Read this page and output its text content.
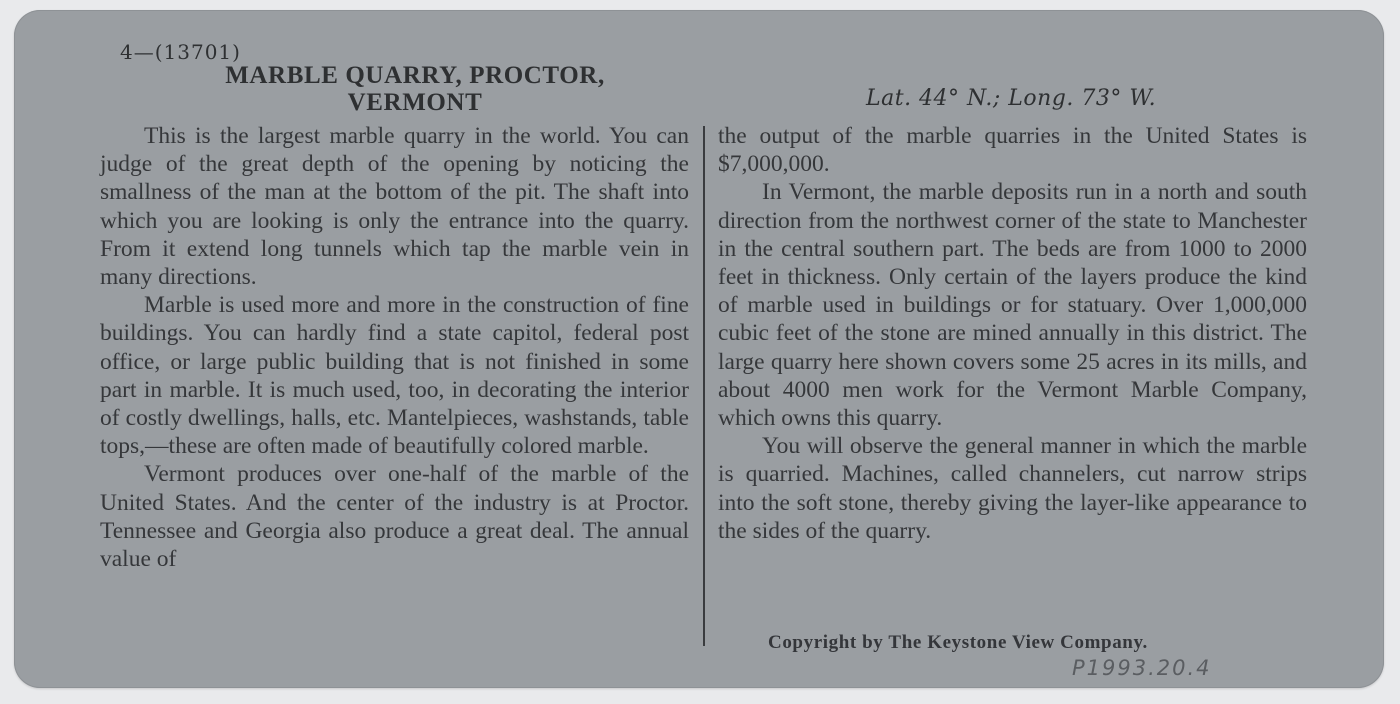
4—(13701)
MARBLE QUARRY, PROCTOR,
VERMONT	Lat. 44° N.; Long. 73° W.

This is the largest marble quarry in the world. You can judge of the great depth of the opening by noticing the smallness of the man at the bottom of the pit. The shaft into which you are looking is only the entrance into the quarry. From it extend long tunnels which tap the marble vein in many directions.

Marble is used more and more in the construction of fine buildings. You can hardly find a state capitol, federal post office, or large public building that is not finished in some part in marble. It is much used, too, in decorating the interior of costly dwellings, halls, etc. Mantelpieces, washstands, table tops,—these are often made of beautifully colored marble.

Vermont produces over one-half of the marble of the United States. And the center of the industry is at Proctor. Tennessee and Georgia also produce a great deal. The annual value of

the output of the marble quarries in the United States is $7,000,000.

In Vermont, the marble deposits run in a north and south direction from the northwest corner of the state to Manchester in the central southern part. The beds are from 1000 to 2000 feet in thickness. Only certain of the layers produce the kind of marble used in buildings or for statuary. Over 1,000,000 cubic feet of the stone are mined annually in this district. The large quarry here shown covers some 25 acres in its mills, and about 4000 men work for the Vermont Marble Company, which owns this quarry.

You will observe the general manner in which the marble is quarried. Machines, called channelers, cut narrow strips into the soft stone, thereby giving the layer-like appearance to the sides of the quarry.

Copyright by The Keystone View Company.
P1993.20.4
